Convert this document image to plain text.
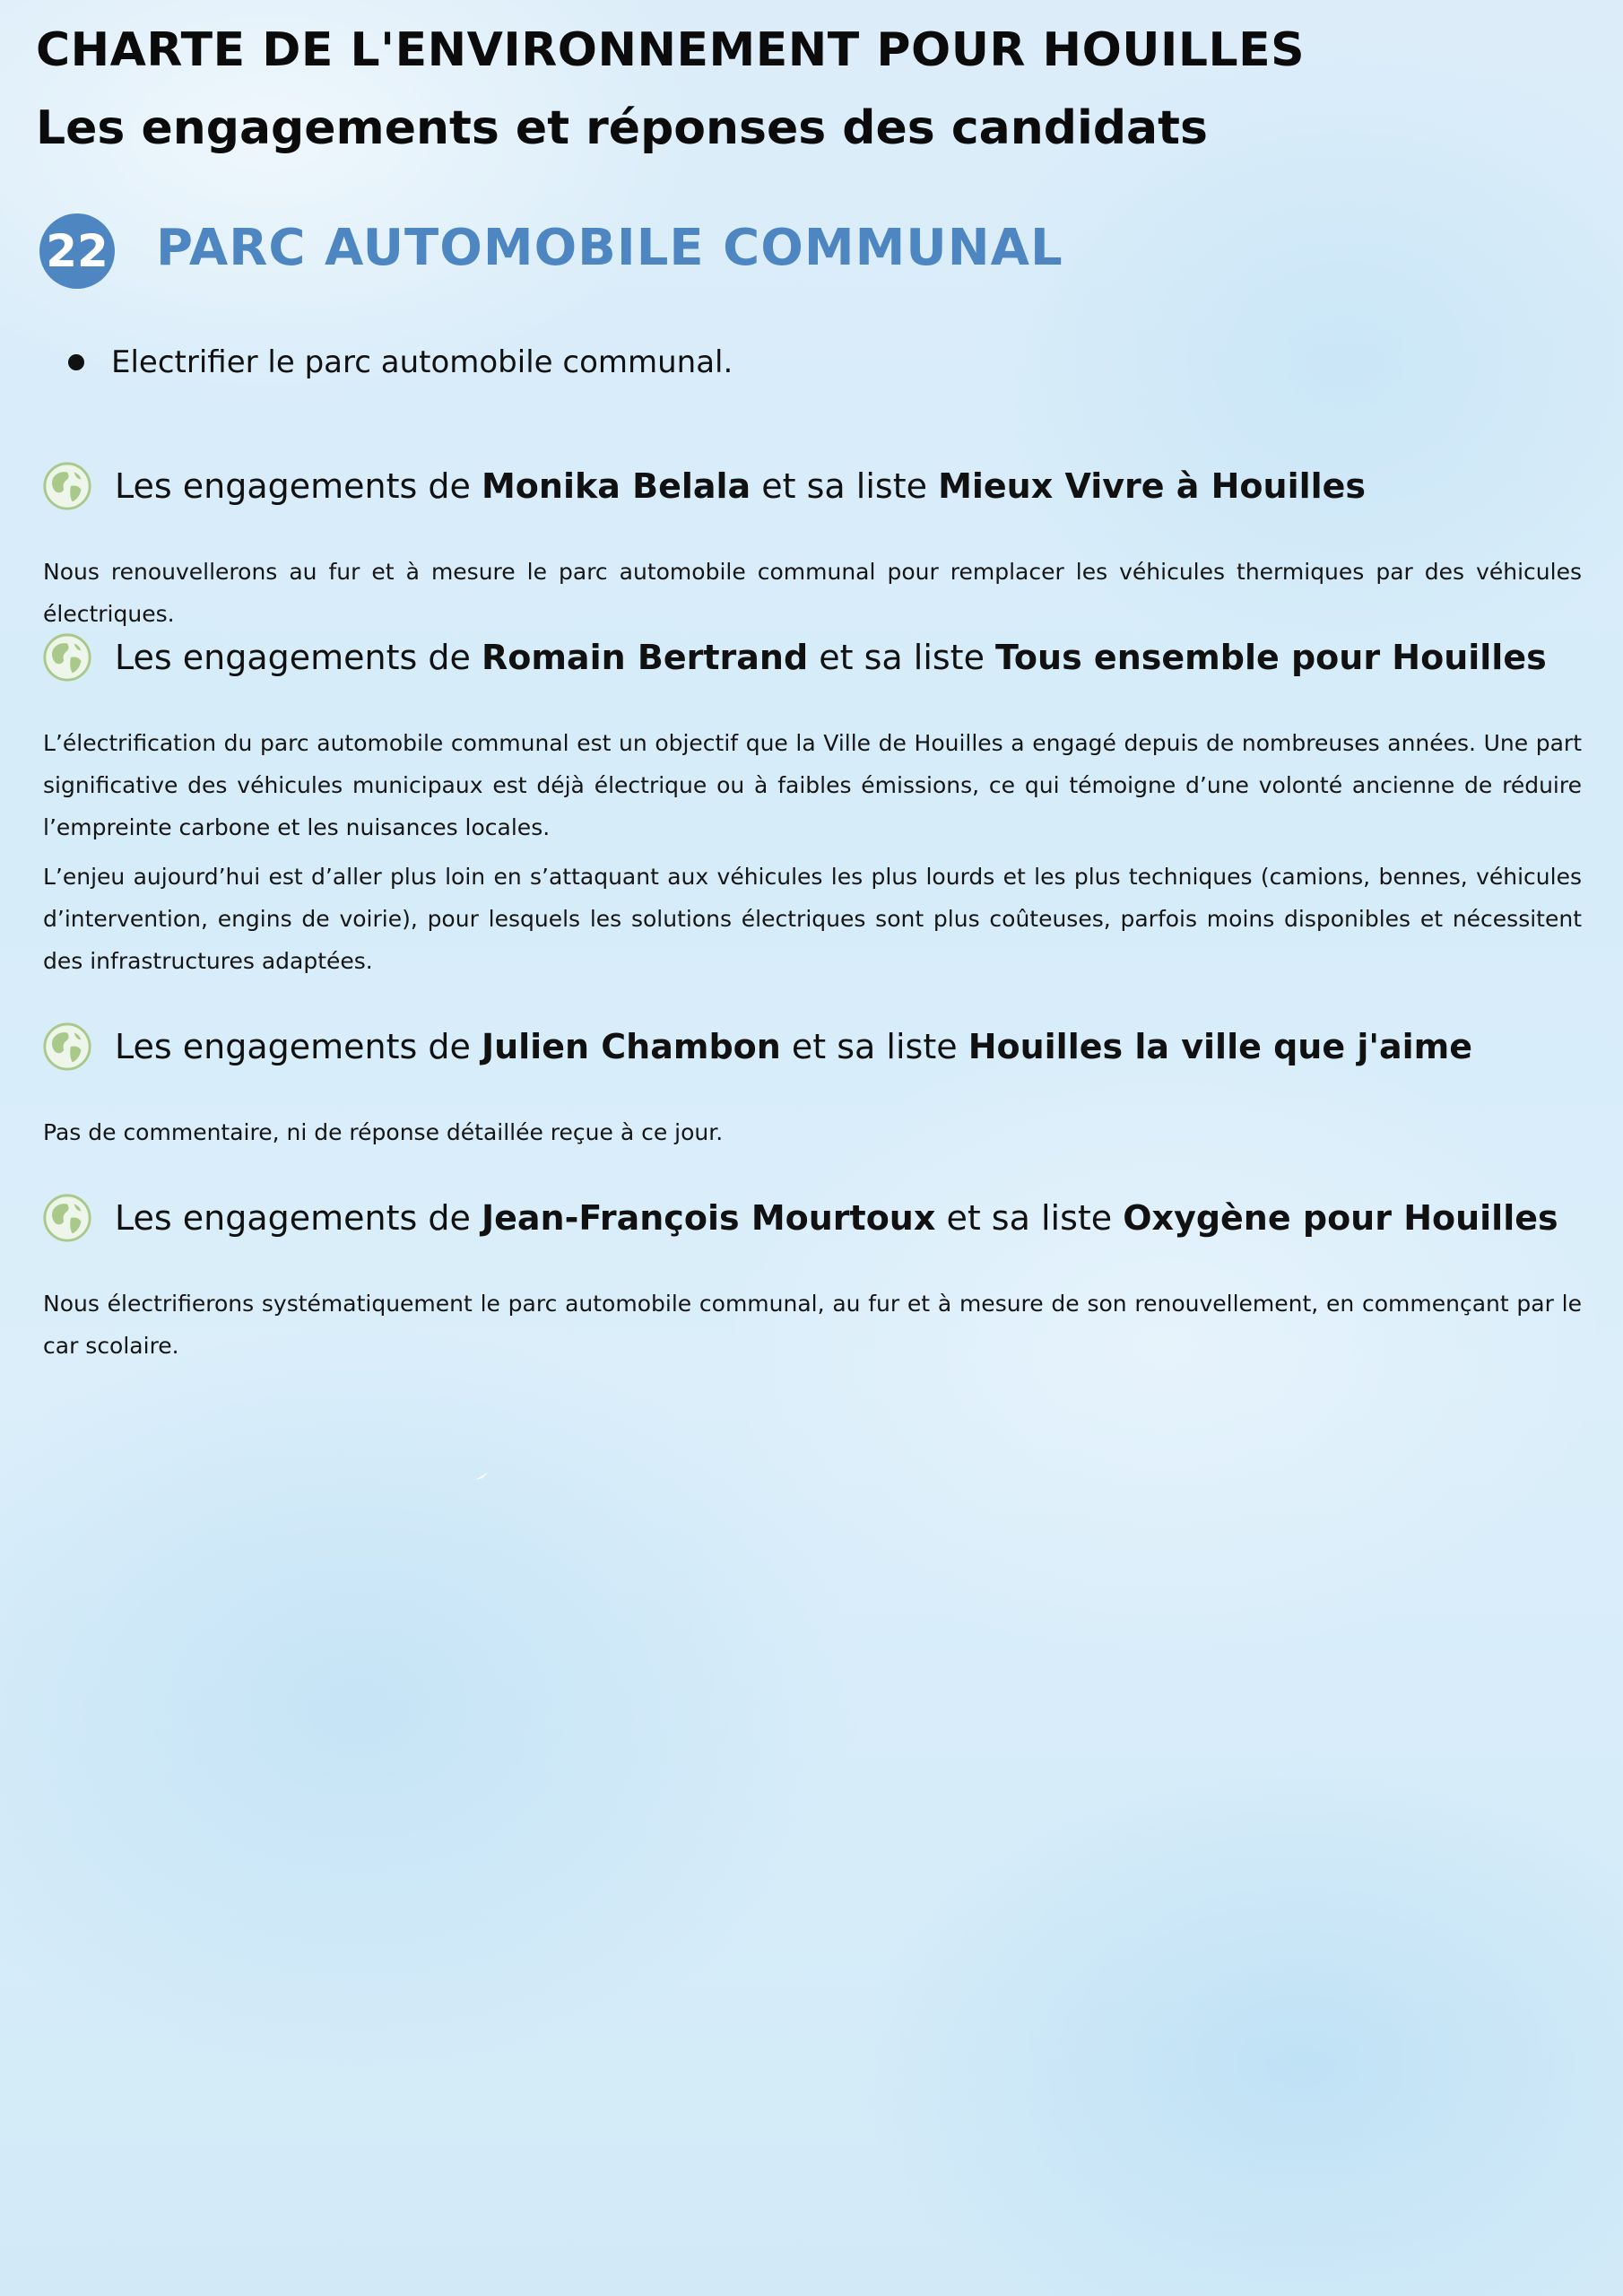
CHARTE DE L'ENVIRONNEMENT POUR HOUILLES
Les engagements et réponses des candidats
22 PARC AUTOMOBILE COMMUNAL
Electrifier le parc automobile communal.
Les engagements de Monika Belala et sa liste Mieux Vivre à Houilles

Nous renouvellerons au fur et à mesure le parc automobile communal pour remplacer les véhicules thermiques par des véhicules électriques.

Les engagements de Romain Bertrand et sa liste Tous ensemble pour Houilles

L’électrification du parc automobile communal est un objectif que la Ville de Houilles a engagé depuis de nombreuses années. Une part significative des véhicules municipaux est déjà électrique ou à faibles émissions, ce qui témoigne d’une volonté ancienne de réduire l’empreinte carbone et les nuisances locales.

L’enjeu aujourd’hui est d’aller plus loin en s’attaquant aux véhicules les plus lourds et les plus techniques (camions, bennes, véhicules d’intervention, engins de voirie), pour lesquels les solutions électriques sont plus coûteuses, parfois moins disponibles et nécessitent des infrastructures adaptées.

Les engagements de Julien Chambon et sa liste Houilles la ville que j'aime

Pas de commentaire, ni de réponse détaillée reçue à ce jour.

Les engagements de Jean-François Mourtoux et sa liste Oxygène pour Houilles

Nous électrifierons systématiquement le parc automobile communal, au fur et à mesure de son renouvellement, en commençant par le car scolaire.
